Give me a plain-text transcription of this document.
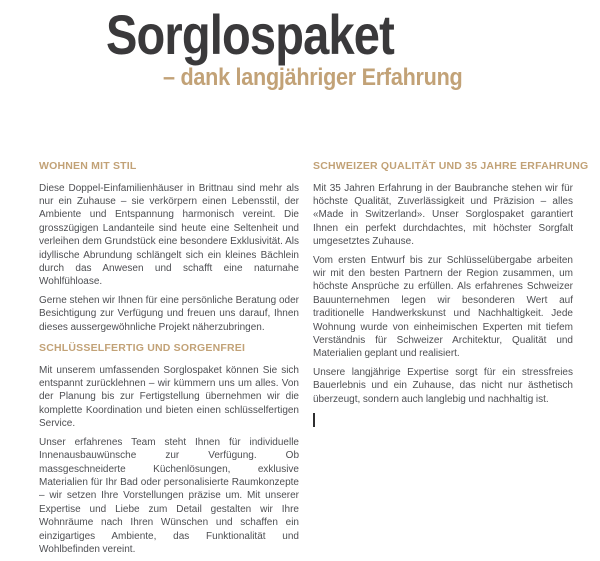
Sorglospaket
– dank langjähriger Erfahrung
WOHNEN MIT STIL

Diese Doppel-Einfamilienhäuser in Brittnau sind mehr als nur ein Zuhause – sie verkörpern einen Lebensstil, der Ambiente und Entspannung harmonisch vereint. Die grosszügigen Landanteile sind heute eine Seltenheit und verleihen dem Grundstück eine besondere Exklusivität. Als idyllische Abrundung schlängelt sich ein kleines Bächlein durch das Anwesen und schafft eine naturnahe Wohlfühloase.

Gerne stehen wir Ihnen für eine persönliche Beratung oder Besichtigung zur Verfügung und freuen uns darauf, Ihnen dieses aussergewöhnliche Projekt näherzubringen.

SCHLÜSSELFERTIG UND SORGENFREI

Mit unserem umfassenden Sorglospaket können Sie sich entspannt zurücklehnen – wir kümmern uns um alles. Von der Planung bis zur Fertigstellung übernehmen wir die komplette Koordination und bieten einen schlüsselfertigen Service.

Unser erfahrenes Team steht Ihnen für individuelle Innenausbauwünsche zur Verfügung. Ob massgeschneiderte Küchenlösungen, exklusive Materialien für Ihr Bad oder personalisierte Raumkonzepte – wir setzen Ihre Vorstellungen präzise um. Mit unserer Expertise und Liebe zum Detail gestalten wir Ihre Wohnräume nach Ihren Wünschen und schaffen ein einzigartiges Ambiente, das Funktionalität und Wohlbefinden vereint.

SCHWEIZER QUALITÄT UND 35 JAHRE ERFAHRUNG

Mit 35 Jahren Erfahrung in der Baubranche stehen wir für höchste Qualität, Zuverlässigkeit und Präzision – alles «Made in Switzerland». Unser Sorglospaket garantiert Ihnen ein perfekt durchdachtes, mit höchster Sorgfalt umgesetztes Zuhause.

Vom ersten Entwurf bis zur Schlüsselübergabe arbeiten wir mit den besten Partnern der Region zusammen, um höchste Ansprüche zu erfüllen. Als erfahrenes Schweizer Bauunternehmen legen wir besonderen Wert auf traditionelle Handwerkskunst und Nachhaltigkeit. Jede Wohnung wurde von einheimischen Experten mit tiefem Verständnis für Schweizer Architektur, Qualität und Materialien geplant und realisiert.

Unsere langjährige Expertise sorgt für ein stressfreies Bauerlebnis und ein Zuhause, das nicht nur ästhetisch überzeugt, sondern auch langlebig und nachhaltig ist.
